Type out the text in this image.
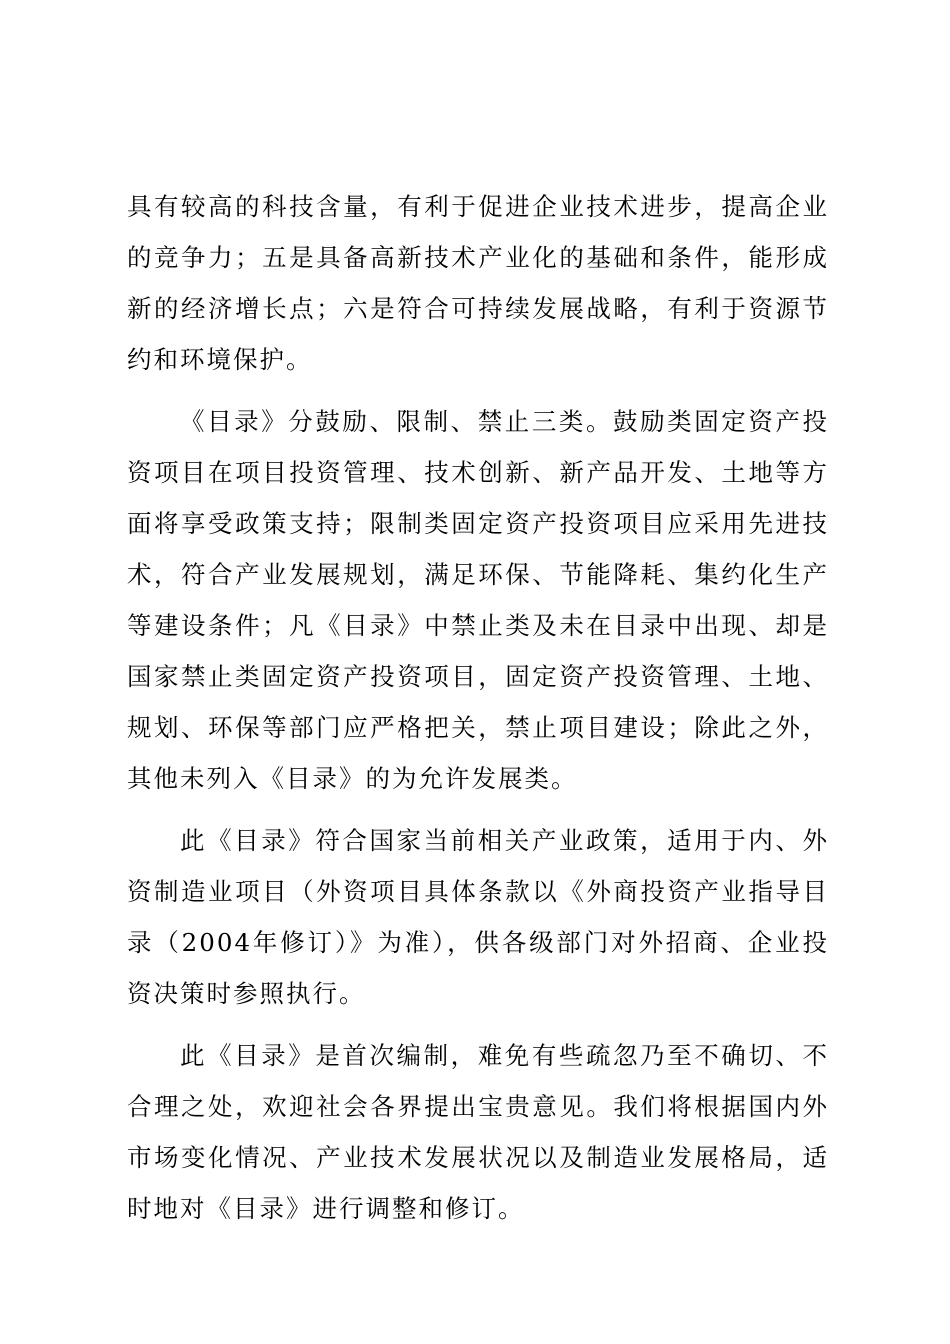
具有较高的科技含量，有利于促进企业技术进步，提高企业的竞争力；五是具备高新技术产业化的基础和条件，能形成新的经济增长点；六是符合可持续发展战略，有利于资源节约和环境保护。

《目录》分鼓励、限制、禁止三类。鼓励类固定资产投资项目在项目投资管理、技术创新、新产品开发、土地等方面将享受政策支持；限制类固定资产投资项目应采用先进技术，符合产业发展规划，满足环保、节能降耗、集约化生产等建设条件；凡《目录》中禁止类及未在目录中出现、却是国家禁止类固定资产投资项目，固定资产投资管理、土地、规划、环保等部门应严格把关，禁止项目建设；除此之外，其他未列入《目录》的为允许发展类。

此《目录》符合国家当前相关产业政策，适用于内、外资制造业项目（外资项目具体条款以《外商投资产业指导目录（2004年修订）》为准），供各级部门对外招商、企业投资决策时参照执行。

此《目录》是首次编制，难免有些疏忽乃至不确切、不合理之处，欢迎社会各界提出宝贵意见。我们将根据国内外市场变化情况、产业技术发展状况以及制造业发展格局，适时地对《目录》进行调整和修订。
